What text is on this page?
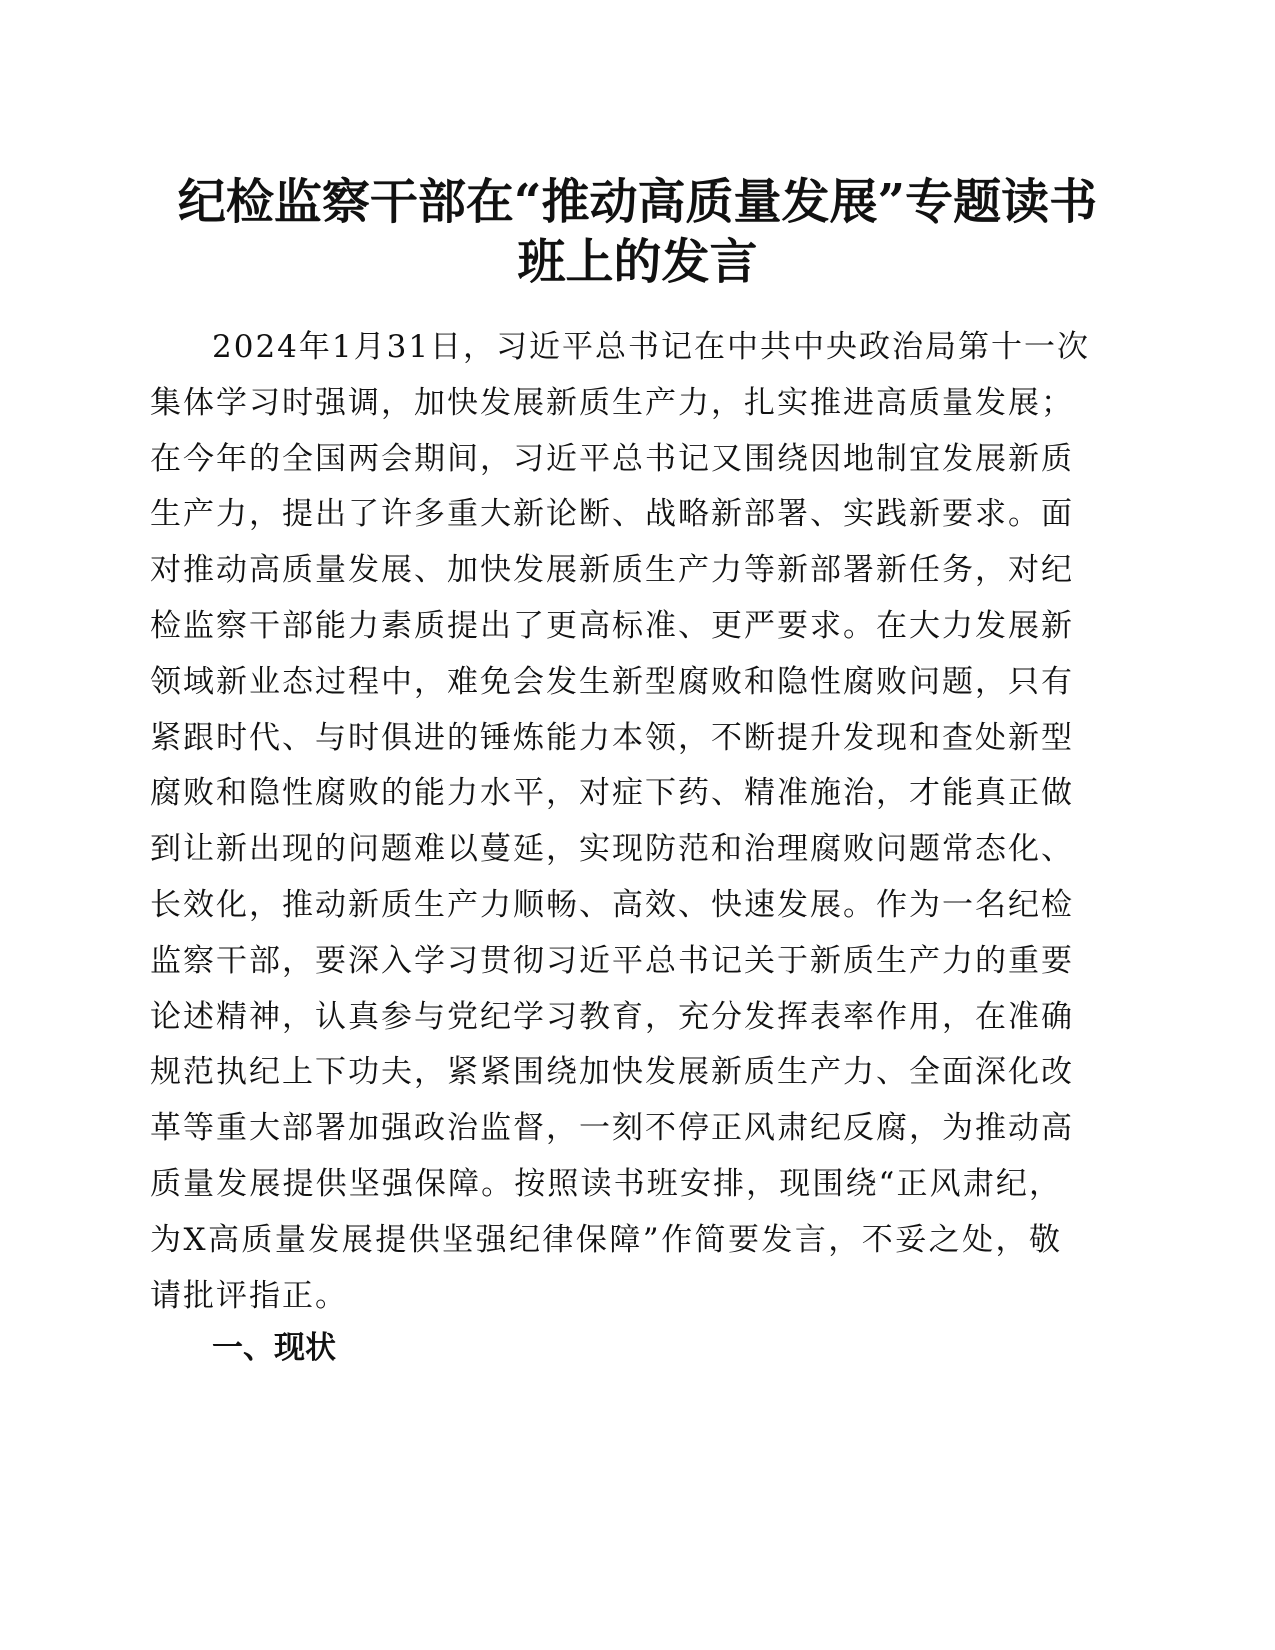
纪检监察干部在“推动高质量发展”专题读书
班上的发言
2024年1月31日，习近平总书记在中共中央政治局第十一次
集体学习时强调，加快发展新质生产力，扎实推进高质量发展；
在今年的全国两会期间，习近平总书记又围绕因地制宜发展新质
生产力，提出了许多重大新论断、战略新部署、实践新要求。面
对推动高质量发展、加快发展新质生产力等新部署新任务，对纪
检监察干部能力素质提出了更高标准、更严要求。在大力发展新
领域新业态过程中，难免会发生新型腐败和隐性腐败问题，只有
紧跟时代、与时俱进的锤炼能力本领，不断提升发现和查处新型
腐败和隐性腐败的能力水平，对症下药、精准施治，才能真正做
到让新出现的问题难以蔓延，实现防范和治理腐败问题常态化、
长效化，推动新质生产力顺畅、高效、快速发展。作为一名纪检
监察干部，要深入学习贯彻习近平总书记关于新质生产力的重要
论述精神，认真参与党纪学习教育，充分发挥表率作用，在准确
规范执纪上下功夫，紧紧围绕加快发展新质生产力、全面深化改
革等重大部署加强政治监督，一刻不停正风肃纪反腐，为推动高
质量发展提供坚强保障。按照读书班安排，现围绕“正风肃纪，
为X高质量发展提供坚强纪律保障”作简要发言，不妥之处，敬
请批评指正。
一、现状
